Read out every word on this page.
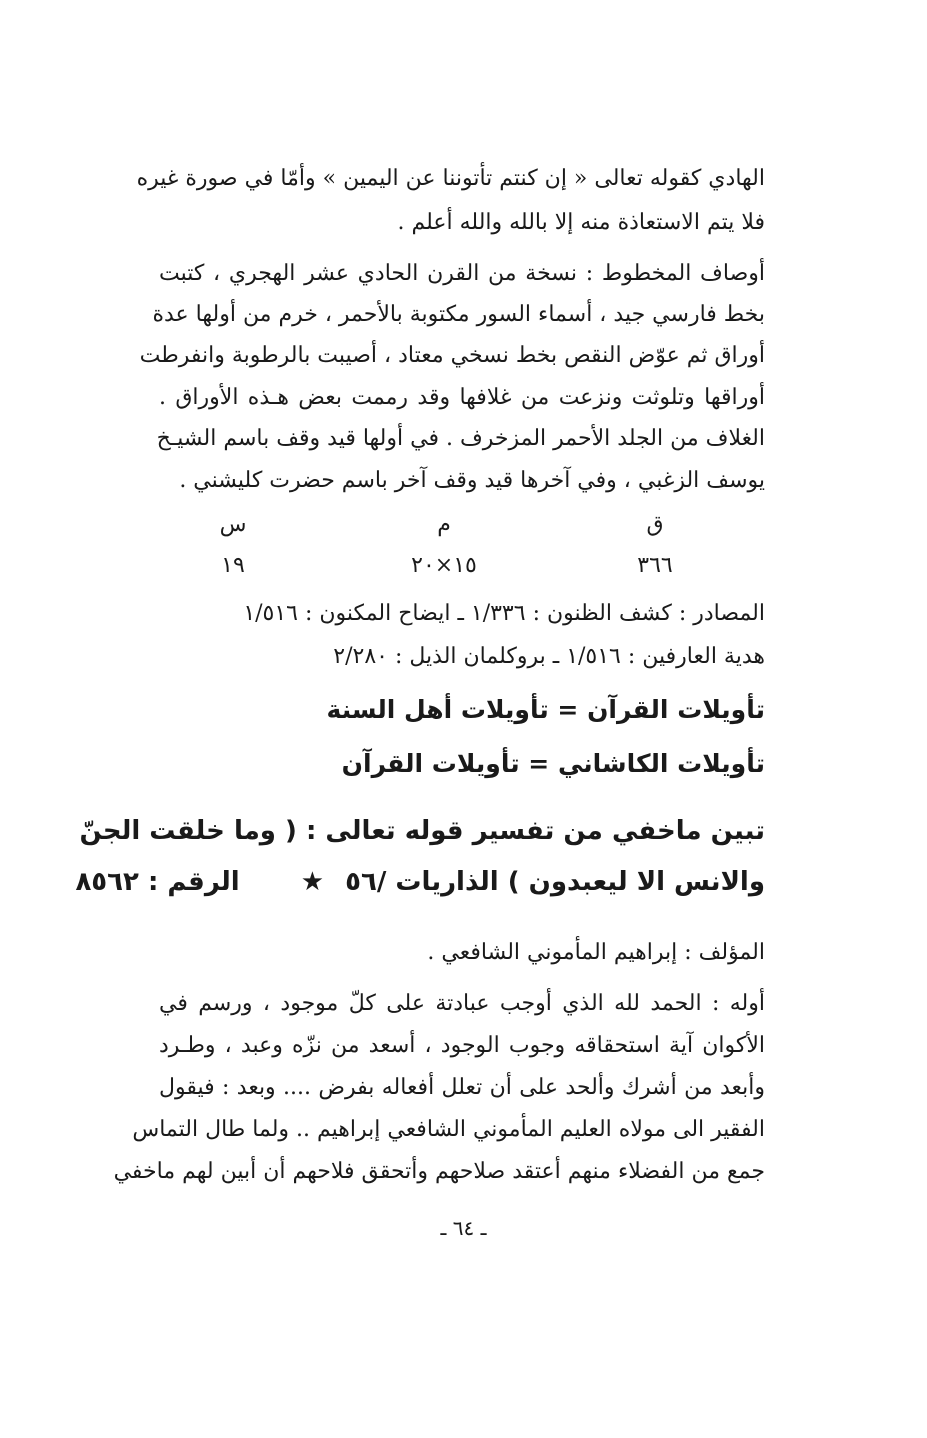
الهادي كقوله تعالى « إن كنتم تأتوننا عن اليمين » وأمّا في صورة غيره
فلا يتم الاستعاذة منه إلا بالله والله أعلم .
أوصاف المخطوط : نسخة من القرن الحادي عشر الهجري ، كتبت
بخط فارسي جيد ، أسماء السور مكتوبة بالأحمر ، خرم من أولها عدة
أوراق ثم عوّض النقص بخط نسخي معتاد ، أصيبت بالرطوبة وانفرطت
أوراقها وتلوثت ونزعت من غلافها وقد رممت بعض هـذه الأوراق .
الغلاف من الجلد الأحمر المزخرف . في أولها قيد وقف باسم الشيـخ
يوسف الزغبي ، وفي آخرها قيد وقف آخر باسم حضرت كليشني .
ق
م
س
٣٦٦
١٥×٢٠
١٩
المصادر : كشف الظنون : ١/٣٣٦ ـ ايضاح المكنون : ١/٥١٦
هدية العارفين : ١/٥١٦ ـ بروكلمان الذيل : ٢/٢٨٠
تأويلات القرآن = تأويلات أهل السنة
تأويلات الكاشاني = تأويلات القرآن
تبين ماخفي من تفسير قوله تعالى : ( وما خلقت الجنّ
والانس الا ليعبدون ) الذاريات /٥٦ ★ الرقم : ٨٥٦٢
المؤلف : إبراهيم المأموني الشافعي .
أوله : الحمد لله الذي أوجب عبادتة على كلّ موجود ، ورسم في
الأكوان آية استحقاقه وجوب الوجود ، أسعد من نزّه وعبد ، وطـرد
وأبعد من أشرك وألحد على أن تعلل أفعاله بفرض .... وبعد : فيقول
الفقير الى مولاه العليم المأموني الشافعي إبراهيم .. ولما طال التماس
جمع من الفضلاء منهم أعتقد صلاحهم وأتحقق فلاحهم أن أبين لهم ماخفي
ـ ٦٤ ـ
